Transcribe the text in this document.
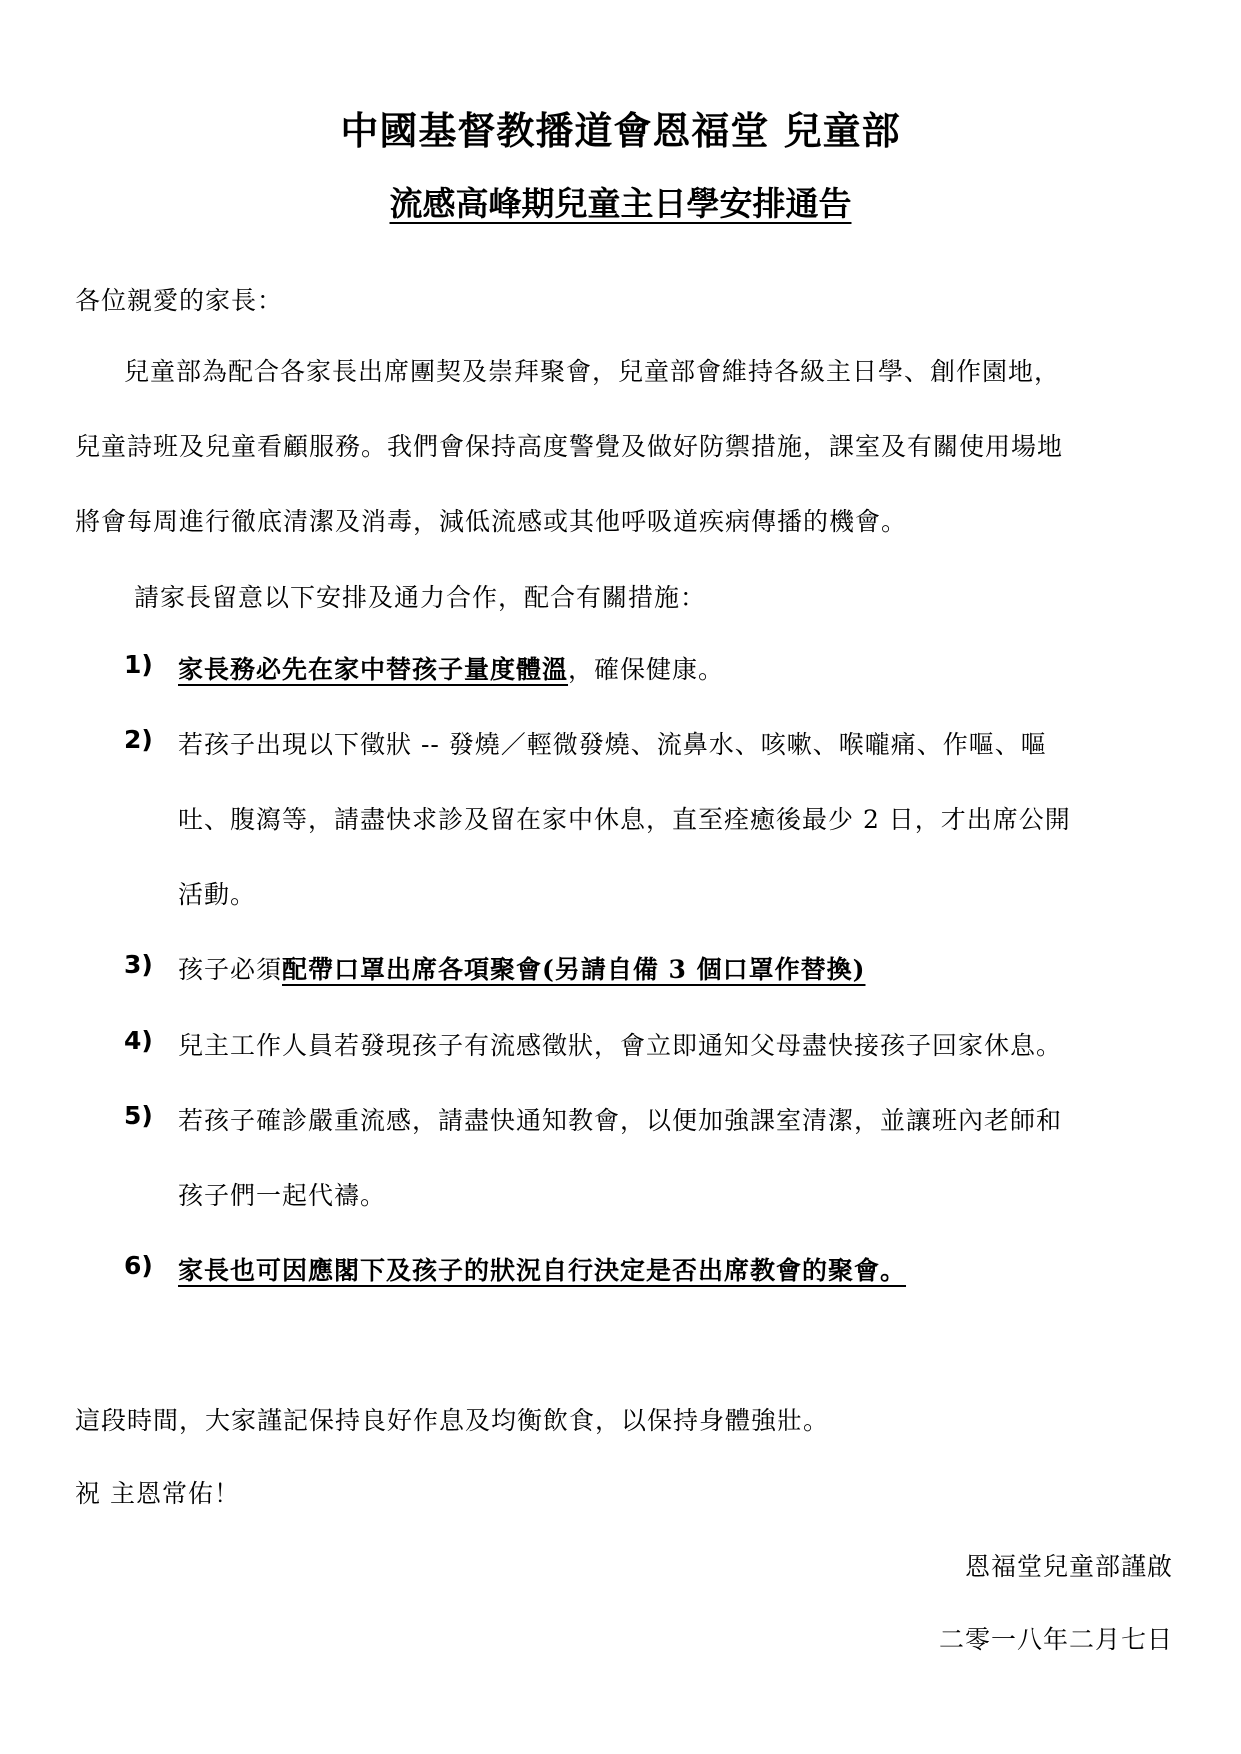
中國基督教播道會恩福堂 兒童部
流感高峰期兒童主日學安排通告
各位親愛的家長：
兒童部為配合各家長出席團契及崇拜聚會，兒童部會維持各級主日學、創作園地，
兒童詩班及兒童看顧服務。我們會保持高度警覺及做好防禦措施，課室及有關使用場地
將會每周進行徹底清潔及消毒，減低流感或其他呼吸道疾病傳播的機會。
請家長留意以下安排及通力合作，配合有關措施：
1) 家長務必先在家中替孩子量度體溫，確保健康。
2) 若孩子出現以下徵狀 -- 發燒／輕微發燒、流鼻水、咳嗽、喉嚨痛、作嘔、嘔
吐、腹瀉等，請盡快求診及留在家中休息，直至痊癒後最少 2 日，才出席公開
活動。
3) 孩子必須配帶口罩出席各項聚會(另請自備 3 個口罩作替換)
4) 兒主工作人員若發現孩子有流感徵狀，會立即通知父母盡快接孩子回家休息。
5) 若孩子確診嚴重流感，請盡快通知教會，以便加強課室清潔，並讓班內老師和
孩子們一起代禱。
6) 家長也可因應閣下及孩子的狀況自行決定是否出席教會的聚會。
這段時間，大家謹記保持良好作息及均衡飲食，以保持身體強壯。
祝 主恩常佑！
恩福堂兒童部謹啟
二零一八年二月七日
